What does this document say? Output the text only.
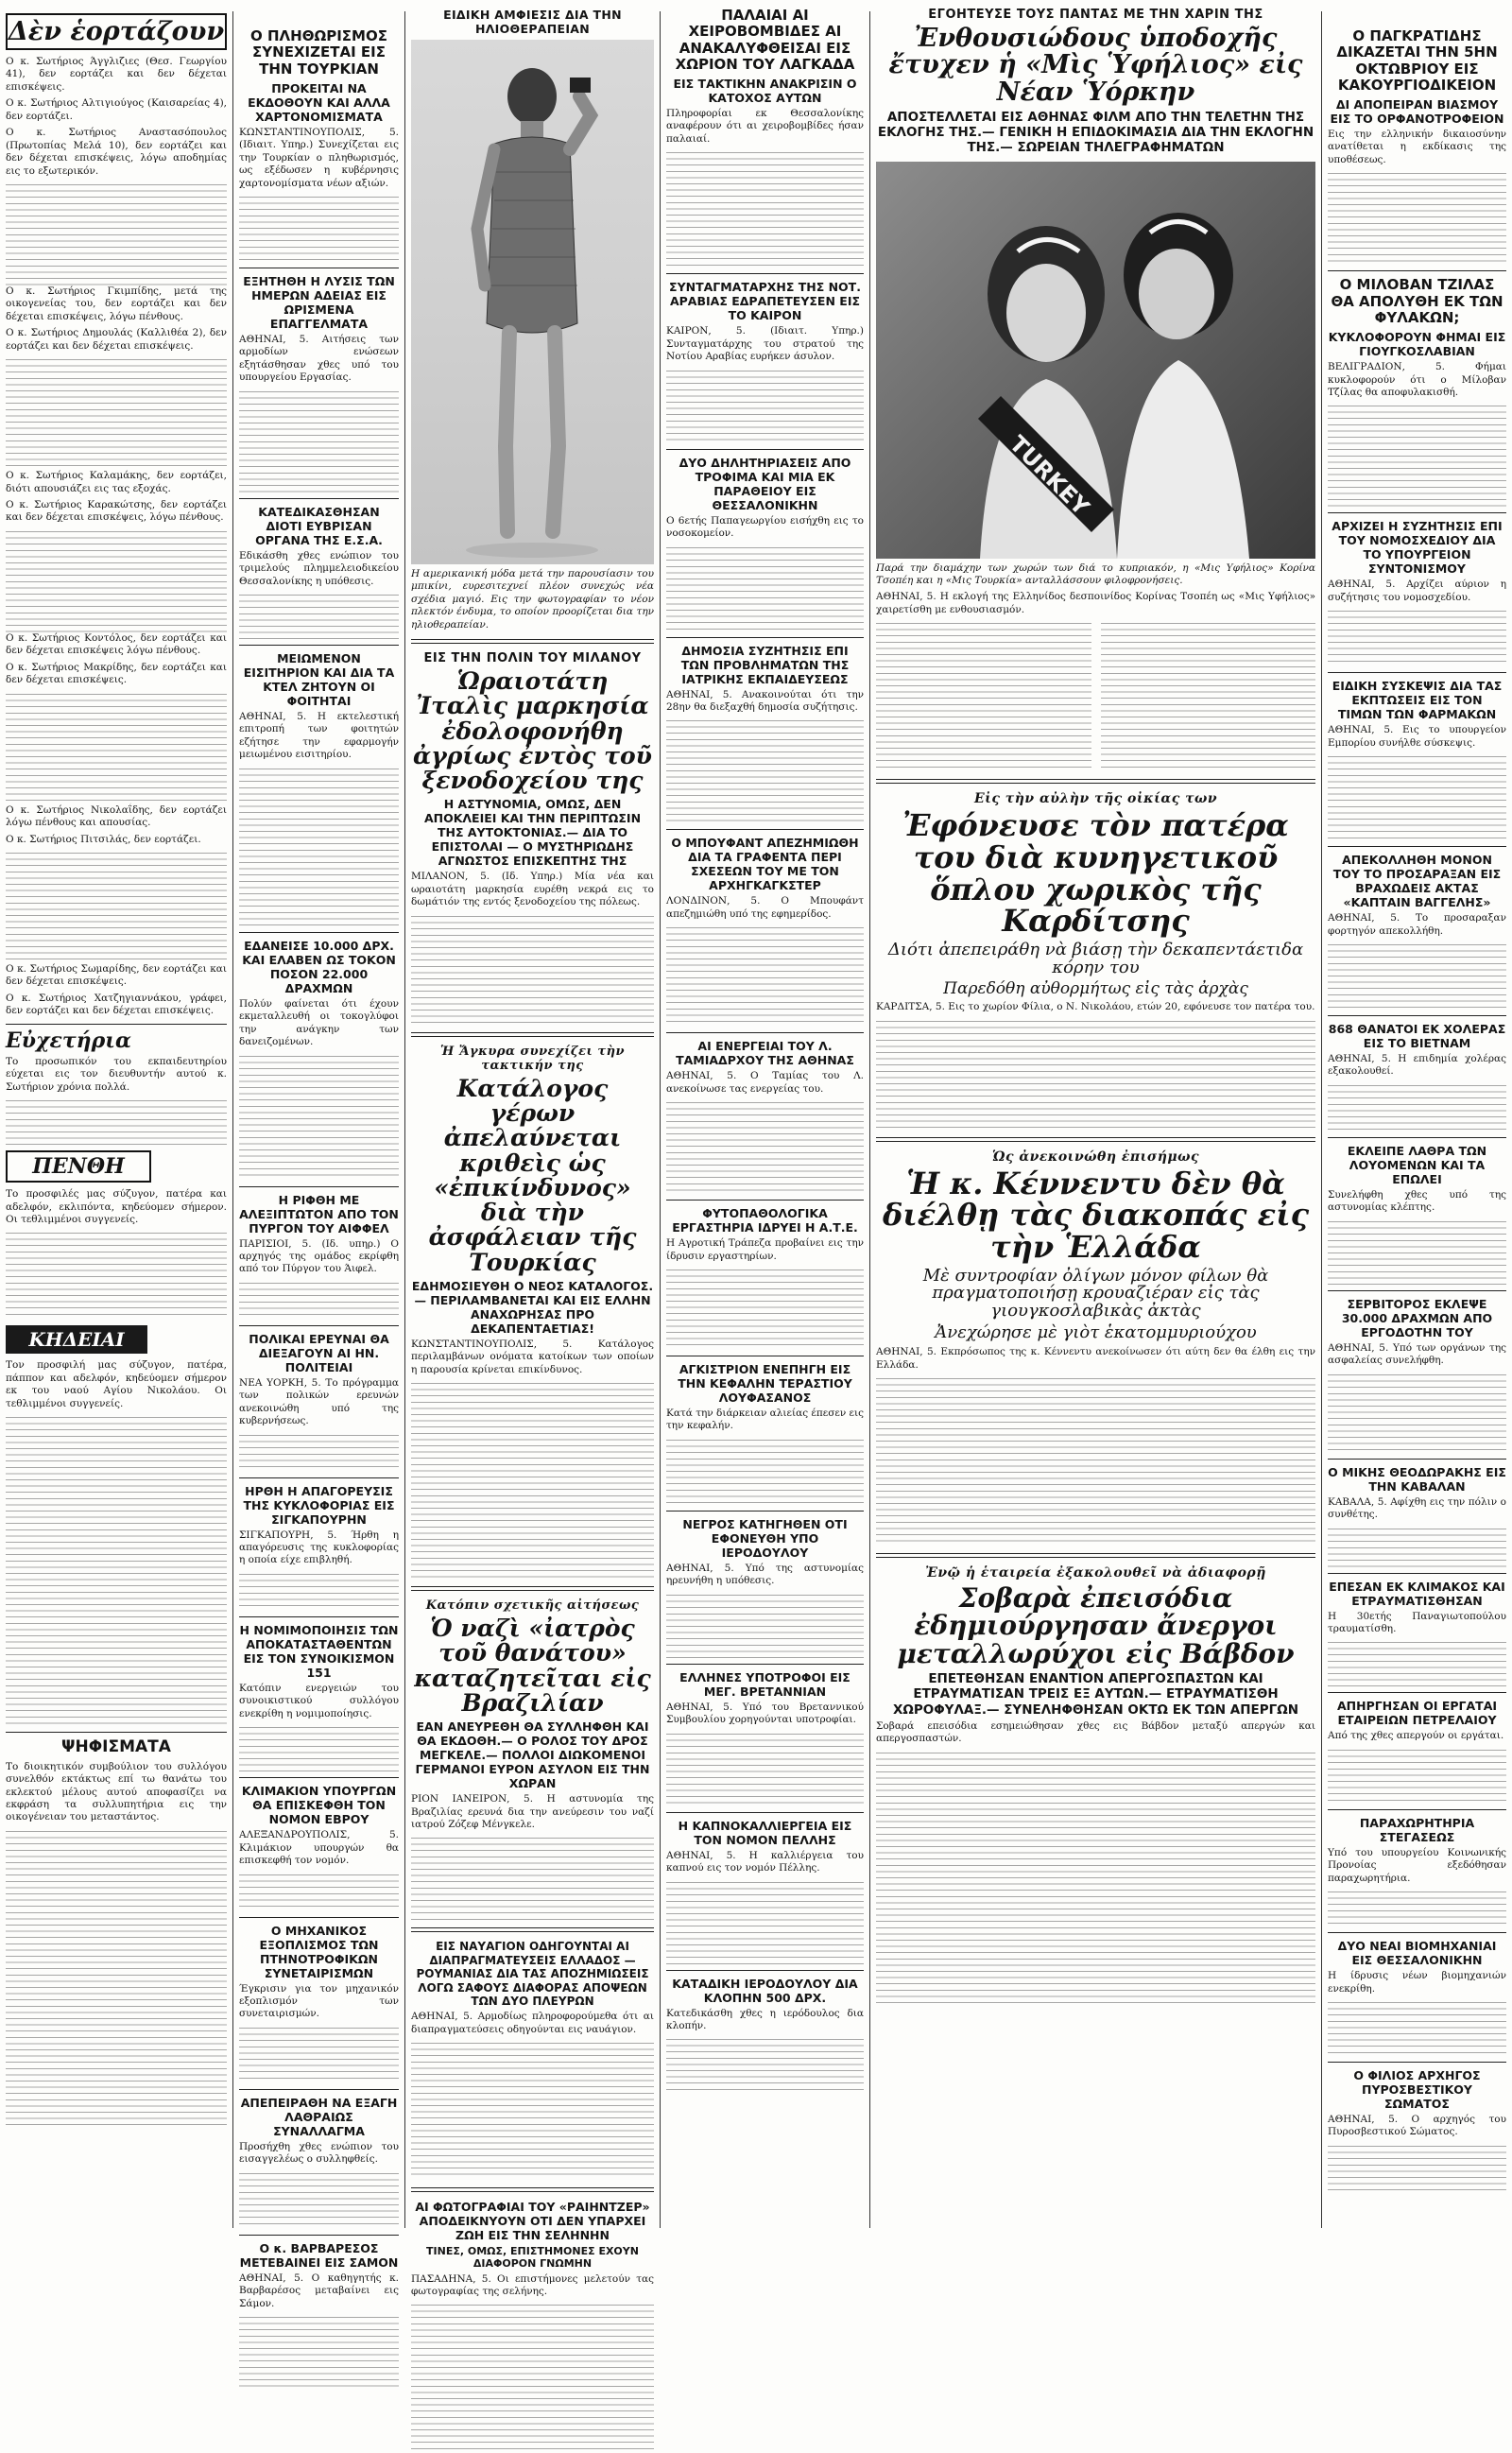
Δὲν ἑορτάζουν

Ο κ. Σωτήριος Άγγλιζιες (Θεσ. Γεωργίου 41), δεν εορτάζει και δεν δέχεται επισκέψεις.

Ο κ. Σωτήριος Αλτιγιούγος (Καισαρείας 4), δεν εορτάζει.

Ο κ. Σωτήριος Αναστασόπουλος (Πρωτοπίας Μελά 10), δεν εορτάζει και δεν δέχεται επισκέψεις, λόγω αποδημίας εις το εξωτερικόν.

Ο κ. Σωτήριος Γκιμπίδης, μετά της οικογενείας του, δεν εορτάζει και δεν δέχεται επισκέψεις, λόγω πένθους.

Ο κ. Σωτήριος Δημουλάς (Καλλιθέα 2), δεν εορτάζει και δεν δέχεται επισκέψεις.

Ο κ. Σωτήριος Καλαμάκης, δεν εορτάζει, διότι απουσιάζει εις τας εξοχάς.

Ο κ. Σωτήριος Καρακώτσης, δεν εορτάζει και δεν δέχεται επισκέψεις, λόγω πένθους.

Ο κ. Σωτήριος Κοντόλος, δεν εορτάζει και δεν δέχεται επισκέψεις λόγω πένθους.

Ο κ. Σωτήριος Μακρίδης, δεν εορτάζει και δεν δέχεται επισκέψεις.

Ο κ. Σωτήριος Νικολαΐδης, δεν εορτάζει λόγω πένθους και απουσίας.

Ο κ. Σωτήριος Πιτσιλάς, δεν εορτάζει.

Ο κ. Σωτήριος Σωμαρίδης, δεν εορτάζει και δεν δέχεται επισκέψεις.

Ο κ. Σωτήριος Χατζηγιαννάκου, γράφει, δεν εορτάζει και δεν δέχεται επισκέψεις.

Εὐχετήρια

Το προσωπικόν του εκπαιδευτηρίου εύχεται εις τον διευθυντήν αυτού κ. Σωτήριον χρόνια πολλά.

ΠΕΝΘΗ

Το προσφιλές μας σύζυγον, πατέρα και αδελφόν, εκλιπόντα, κηδεύομεν σήμερον. Οι τεθλιμμένοι συγγενείς.

ΚΗΔΕΙΑΙ

Τον προσφιλή μας σύζυγον, πατέρα, πάππον και αδελφόν, κηδεύομεν σήμερον εκ του ναού Αγίου Νικολάου. Οι τεθλιμμένοι συγγενείς.

ΨΗΦΙΣΜΑΤΑ

Το διοικητικόν συμβούλιον του συλλόγου συνελθόν εκτάκτως επί τω θανάτω του εκλεκτού μέλους αυτού αποφασίζει να εκφράση τα συλλυπητήρια εις την οικογένειαν του μεταστάντος.

Ο ΠΛΗΘΩΡΙΣΜΟΣ ΣΥΝΕΧΙΖΕΤΑΙ ΕΙΣ ΤΗΝ ΤΟΥΡΚΙΑΝ
ΠΡΟΚΕΙΤΑΙ ΝΑ ΕΚΔΟΘΟΥΝ ΚΑΙ ΑΛΛΑ ΧΑΡΤΟΝΟΜΙΣΜΑΤΑ

ΚΩΝΣΤΑΝΤΙΝΟΥΠΟΛΙΣ, 5. (Ιδιαιτ. Υπηρ.) Συνεχίζεται εις την Τουρκίαν ο πληθωρισμός, ως εξέδωσεν η κυβέρνησις χαρτονομίσματα νέων αξιών.

ΕΞΗΤΗΘΗ Η ΛΥΣΙΣ ΤΩΝ ΗΜΕΡΩΝ ΑΔΕΙΑΣ ΕΙΣ ΩΡΙΣΜΕΝΑ ΕΠΑΓΓΕΛΜΑΤΑ

ΑΘΗΝΑΙ, 5. Αιτήσεις των αρμοδίων ενώσεων εξητάσθησαν χθες υπό του υπουργείου Εργασίας.

ΚΑΤΕΔΙΚΑΣΘΗΣΑΝ ΔΙΟΤΙ ΕΥΒΡΙΣΑΝ ΟΡΓΑΝΑ ΤΗΣ Ε.Σ.Α.

Εδικάσθη χθες ενώπιον του τριμελούς πλημμελειοδικείου Θεσσαλονίκης η υπόθεσις.

ΜΕΙΩΜΕΝΟΝ ΕΙΣΙΤΗΡΙΟΝ ΚΑΙ ΔΙΑ ΤΑ ΚΤΕΛ ΖΗΤΟΥΝ ΟΙ ΦΟΙΤΗΤΑΙ

ΑΘΗΝΑΙ, 5. Η εκτελεστική επιτροπή των φοιτητών εζήτησε την εφαρμογήν μειωμένου εισιτηρίου.

ΕΔΑΝΕΙΣΕ 10.000 ΔΡΧ. ΚΑΙ ΕΛΑΒΕΝ ΩΣ ΤΟΚΟΝ ΠΟΣΟΝ 22.000 ΔΡΑΧΜΩΝ

Πολύν φαίνεται ότι έχουν εκμεταλλευθή οι τοκογλύφοι την ανάγκην των δανειζομένων.

Η ΡΙΦΘΗ ΜΕ ΑΛΕΞΙΠΤΩΤΟΝ ΑΠΟ ΤΟΝ ΠΥΡΓΟΝ ΤΟΥ ΑΙΦΦΕΛ

ΠΑΡΙΣΙΟΙ, 5. (Ιδ. υπηρ.) Ο αρχηγός της ομάδος εκρίφθη από τον Πύργον του Άιφελ.

ΠΟΛΙΚΑΙ ΕΡΕΥΝΑΙ ΘΑ ΔΙΕΞΑΓΟΥΝ ΑΙ ΗΝ. ΠΟΛΙΤΕΙΑΙ

ΝΕΑ ΥΟΡΚΗ, 5. Το πρόγραμμα των πολικών ερευνών ανεκοινώθη υπό της κυβερνήσεως.

ΗΡΘΗ Η ΑΠΑΓΟΡΕΥΣΙΣ ΤΗΣ ΚΥΚΛΟΦΟΡΙΑΣ ΕΙΣ ΣΙΓΚΑΠΟΥΡΗΝ

ΣΙΓΚΑΠΟΥΡΗ, 5. Ήρθη η απαγόρευσις της κυκλοφορίας η οποία είχε επιβληθή.

Η ΝΟΜΙΜΟΠΟΙΗΣΙΣ ΤΩΝ ΑΠΟΚΑΤΑΣΤΑΘΕΝΤΩΝ ΕΙΣ ΤΟΝ ΣΥΝΟΙΚΙΣΜΟΝ 151

Κατόπιν ενεργειών του συνοικιστικού συλλόγου ενεκρίθη η νομιμοποίησις.

ΚΛΙΜΑΚΙΟΝ ΥΠΟΥΡΓΩΝ ΘΑ ΕΠΙΣΚΕΦΘΗ ΤΟΝ ΝΟΜΟΝ ΕΒΡΟΥ

ΑΛΕΞΑΝΔΡΟΥΠΟΛΙΣ, 5. Κλιμάκιον υπουργών θα επισκεφθή τον νομόν.

Ο ΜΗΧΑΝΙΚΟΣ ΕΞΟΠΛΙΣΜΟΣ ΤΩΝ ΠΤΗΝΟΤΡΟΦΙΚΩΝ ΣΥΝΕΤΑΙΡΙΣΜΩΝ

Έγκρισιν για τον μηχανικόν εξοπλισμόν των συνεταιρισμών.

ΑΠΕΠΕΙΡΑΘΗ ΝΑ ΕΞΑΓΗ ΛΑΘΡΑΙΩΣ ΣΥΝΑΛΛΑΓΜΑ

Προσήχθη χθες ενώπιον του εισαγγελέως ο συλληφθείς.

Ο κ. ΒΑΡΒΑΡΕΣΟΣ ΜΕΤΕΒΑΙΝΕΙ ΕΙΣ ΣΑΜΟΝ

ΑΘΗΝΑΙ, 5. Ο καθηγητής κ. Βαρβαρέσος μεταβαίνει εις Σάμον.

ΕΙΔΙΚΗ ΑΜΦΙΕΣΙΣ ΔΙΑ ΤΗΝ ΗΛΙΟΘΕΡΑΠΕΙΑΝ

Η αμερικανική μόδα μετά την παρουσίασιν του μπικίνι, ευρεσιτεχνεί πλέον συνεχώς νέα σχέδια μαγιό. Εις την φωτογραφίαν το νέον πλεκτόν ένδυμα, το οποίον προορίζεται δια την ηλιοθεραπείαν.

ΕΙΣ ΤΗΝ ΠΟΛΙΝ ΤΟΥ ΜΙΛΑΝΟΥ
Ὡραιοτάτη Ἰταλὶς μαρκησία ἐδολοφονήθη ἀγρίως ἐντὸς τοῦ ξενοδοχείου της
Η ΑΣΤΥΝΟΜΙΑ, ΟΜΩΣ, ΔΕΝ ΑΠΟΚΛΕΙΕΙ ΚΑΙ ΤΗΝ ΠΕΡΙΠΤΩΣΙΝ ΤΗΣ ΑΥΤΟΚΤΟΝΙΑΣ.— ΔΙΑ ΤΟ ΕΠΙΣΤΟΛΑΙ — Ο ΜΥΣΤΗΡΙΩΔΗΣ ΑΓΝΩΣΤΟΣ ΕΠΙΣΚΕΠΤΗΣ ΤΗΣ

ΜΙΛΑΝΟΝ, 5. (Ιδ. Υπηρ.) Μία νέα και ωραιοτάτη μαρκησία ευρέθη νεκρά εις το δωμάτιόν της εντός ξενοδοχείου της πόλεως.

Ἡ Ἄγκυρα συνεχίζει τὴν τακτικήν της
Κατάλογος γέρων ἀπελαύνεται κριθεὶς ὡς «ἐπικίνδυνος» διὰ τὴν ἀσφάλειαν τῆς Τουρκίας
ΕΔΗΜΟΣΙΕΥΘΗ Ο ΝΕΟΣ ΚΑΤΑΛΟΓΟΣ.— ΠΕΡΙΛΑΜΒΑΝΕΤΑΙ ΚΑΙ ΕΙΣ ΕΛΛΗΝ ΑΝΑΧΩΡΗΣΑΣ ΠΡΟ ΔΕΚΑΠΕΝΤΑΕΤΙΑΣ!

ΚΩΝΣΤΑΝΤΙΝΟΥΠΟΛΙΣ, 5. Κατάλογος περιλαμβάνων ονόματα κατοίκων των οποίων η παρουσία κρίνεται επικίνδυνος.

Κατόπιν σχετικῆς αἰτήσεως
Ὁ ναζὶ «ἰατρὸς τοῦ θανάτου» καταζητεῖται εἰς Βραζιλίαν
ΕΑΝ ΑΝΕΥΡΕΘΗ ΘΑ ΣΥΛΛΗΦΘΗ ΚΑΙ ΘΑ ΕΚΔΟΘΗ.— Ο ΡΟΛΟΣ ΤΟΥ ΔΡΟΣ ΜΕΓΚΕΛΕ.— ΠΟΛΛΟΙ ΔΙΩΚΟΜΕΝΟΙ ΓΕΡΜΑΝΟΙ ΕΥΡΟΝ ΑΣΥΛΟΝ ΕΙΣ ΤΗΝ ΧΩΡΑΝ

ΡΙΟΝ ΙΑΝΕΙΡΟΝ, 5. Η αστυνομία της Βραζιλίας ερευνά δια την ανεύρεσιν του ναζί ιατρού Ζόζεφ Μένγκελε.

ΕΙΣ ΝΑΥΑΓΙΟΝ ΟΔΗΓΟΥΝΤΑΙ ΑΙ ΔΙΑΠΡΑΓΜΑΤΕΥΣΕΙΣ ΕΛΛΑΔΟΣ — ΡΟΥΜΑΝΙΑΣ ΔΙΑ ΤΑΣ ΑΠΟΖΗΜΙΩΣΕΙΣ ΛΟΓΩ ΣΑΦΟΥΣ ΔΙΑΦΟΡΑΣ ΑΠΟΨΕΩΝ ΤΩΝ ΔΥΟ ΠΛΕΥΡΩΝ

ΑΘΗΝΑΙ, 5. Αρμοδίως πληροφορούμεθα ότι αι διαπραγματεύσεις οδηγούνται εις ναυάγιον.

ΑΙ ΦΩΤΟΓΡΑΦΙΑΙ ΤΟΥ «ΡΑΙΗΝΤΖΕΡ» ΑΠΟΔΕΙΚΝΥΟΥΝ ΟΤΙ ΔΕΝ ΥΠΑΡΧΕΙ ΖΩΗ ΕΙΣ ΤΗΝ ΣΕΛΗΝΗΝ
ΤΙΝΕΣ, ΟΜΩΣ, ΕΠΙΣΤΗΜΟΝΕΣ ΕΧΟΥΝ ΔΙΑΦΟΡΟΝ ΓΝΩΜΗΝ

ΠΑΣΑΔΗΝΑ, 5. Οι επιστήμονες μελετούν τας φωτογραφίας της σελήνης.

ΠΑΛΑΙΑΙ ΑΙ ΧΕΙΡΟΒΟΜΒΙΔΕΣ ΑΙ ΑΝΑΚΑΛΥΦΘΕΙΣΑΙ ΕΙΣ ΧΩΡΙΟΝ ΤΟΥ ΛΑΓΚΑΔΑ
ΕΙΣ ΤΑΚΤΙΚΗΝ ΑΝΑΚΡΙΣΙΝ Ο ΚΑΤΟΧΟΣ ΑΥΤΩΝ

Πληροφορίαι εκ Θεσσαλονίκης αναφέρουν ότι αι χειροβομβίδες ήσαν παλαιαί.

ΣΥΝΤΑΓΜΑΤΑΡΧΗΣ ΤΗΣ ΝΟΤ. ΑΡΑΒΙΑΣ ΕΔΡΑΠΕΤΕΥΣΕΝ ΕΙΣ ΤΟ ΚΑΙΡΟΝ

ΚΑΙΡΟΝ, 5. (Ιδιαιτ. Υπηρ.) Συνταγματάρχης του στρατού της Νοτίου Αραβίας ευρήκεν άσυλον.

ΔΥΟ ΔΗΛΗΤΗΡΙΑΣΕΙΣ ΑΠΟ ΤΡΟΦΙΜΑ ΚΑΙ ΜΙΑ ΕΚ ΠΑΡΑΘΕΙΟΥ ΕΙΣ ΘΕΣΣΑΛΟΝΙΚΗΝ

Ο 6ετής Παπαγεωργίου εισήχθη εις το νοσοκομείον.

ΔΗΜΟΣΙΑ ΣΥΖΗΤΗΣΙΣ ΕΠΙ ΤΩΝ ΠΡΟΒΛΗΜΑΤΩΝ ΤΗΣ ΙΑΤΡΙΚΗΣ ΕΚΠΑΙΔΕΥΣΕΩΣ

ΑΘΗΝΑΙ, 5. Ανακοινούται ότι την 28ην θα διεξαχθή δημοσία συζήτησις.

Ο ΜΠΟΥΦΑΝΤ ΑΠΕΖΗΜΙΩΘΗ ΔΙΑ ΤΑ ΓΡΑΦΕΝΤΑ ΠΕΡΙ ΣΧΕΣΕΩΝ ΤΟΥ ΜΕ ΤΟΝ ΑΡΧΗΓΚΑΓΚΣΤΕΡ

ΛΟΝΔΙΝΟΝ, 5. Ο Μπουφάντ απεζημιώθη υπό της εφημερίδος.

ΑΙ ΕΝΕΡΓΕΙΑΙ ΤΟΥ Λ. ΤΑΜΙΑΔΡΧΟΥ ΤΗΣ ΑΘΗΝΑΣ

ΑΘΗΝΑΙ, 5. Ο Ταμίας του Λ. ανεκοίνωσε τας ενεργείας του.

ΦΥΤΟΠΑΘΟΛΟΓΙΚΑ ΕΡΓΑΣΤΗΡΙΑ ΙΔΡΥΕΙ Η Α.Τ.Ε.

Η Αγροτική Τράπεζα προβαίνει εις την ίδρυσιν εργαστηρίων.

ΑΓΚΙΣΤΡΙΟΝ ΕΝΕΠΗΓΗ ΕΙΣ ΤΗΝ ΚΕΦΑΛΗΝ ΤΕΡΑΣΤΙΟΥ ΛΟΥΦΑΣΑΝΟΣ

Κατά την διάρκειαν αλιείας έπεσεν εις την κεφαλήν.

ΝΕΓΡΟΣ ΚΑΤΗΓΗΘΕΝ ΟΤΙ ΕΦΟΝΕΥΘΗ ΥΠΟ ΙΕΡΟΔΟΥΛΟΥ

ΑΘΗΝΑΙ, 5. Υπό της αστυνομίας ηρευνήθη η υπόθεσις.

ΕΛΛΗΝΕΣ ΥΠΟΤΡΟΦΟΙ ΕΙΣ ΜΕΓ. ΒΡΕΤΑΝΝΙΑΝ

ΑΘΗΝΑΙ, 5. Υπό του Βρεταννικού Συμβουλίου χορηγούνται υποτροφίαι.

Η ΚΑΠΝΟΚΑΛΛΙΕΡΓΕΙΑ ΕΙΣ ΤΟΝ ΝΟΜΟΝ ΠΕΛΛΗΣ

ΑΘΗΝΑΙ, 5. Η καλλιέργεια του καπνού εις τον νομόν Πέλλης.

ΚΑΤΑΔΙΚΗ ΙΕΡΟΔΟΥΛΟΥ ΔΙΑ ΚΛΟΠΗΝ 500 ΔΡΧ.

Κατεδικάσθη χθες η ιερόδουλος δια κλοπήν.

ΕΓΟΗΤΕΥΣΕ ΤΟΥΣ ΠΑΝΤΑΣ ΜΕ ΤΗΝ ΧΑΡΙΝ ΤΗΣ
Ἐνθουσιώδους ὑποδοχῆς ἔτυχεν ἡ «Μὶς Ὑφήλιος» εἰς Νέαν Ὑόρκην
ΑΠΟΣΤΕΛΛΕΤΑΙ ΕΙΣ ΑΘΗΝΑΣ ΦΙΛΜ ΑΠΟ ΤΗΝ ΤΕΛΕΤΗΝ ΤΗΣ ΕΚΛΟΓΗΣ ΤΗΣ.— ΓΕΝΙΚΗ Η ΕΠΙΔΟΚΙΜΑΣΙΑ ΔΙΑ ΤΗΝ ΕΚΛΟΓΗΝ ΤΗΣ.— ΣΩΡΕΙΑΝ ΤΗΛΕΓΡΑΦΗΜΑΤΩΝ
TURKEY

Παρά την διαμάχην των χωρών των διά το κυπριακόν, η «Μις Υφήλιος» Κορίνα Τσοπέη και η «Μις Τουρκία» ανταλλάσσουν φιλοφρονήσεις.

ΑΘΗΝΑΙ, 5. Η εκλογή της Ελληνίδος δεσποινίδος Κορίνας Τσοπέη ως «Μις Υφήλιος» χαιρετίσθη με ενθουσιασμόν.

Εἰς τὴν αὐλὴν τῆς οἰκίας των
Ἐφόνευσε τὸν πατέρα του διὰ κυνηγετικοῦ ὅπλου χωρικὸς τῆς Καρδίτσης
Διότι ἀπεπειράθη νὰ βιάσῃ τὴν δεκαπεντάετιδα κόρην του
Παρεδόθη αὐθορμήτως εἰς τὰς ἀρχὰς

ΚΑΡΔΙΤΣΑ, 5. Εις το χωρίον Φίλια, ο Ν. Νικολάου, ετών 20, εφόνευσε τον πατέρα του.

Ὡς ἀνεκοινώθη ἐπισήμως
Ἡ κ. Κέννεντυ δὲν θὰ διέλθῃ τὰς διακοπάς εἰς τὴν Ἑλλάδα
Μὲ συντροφίαν ὀλίγων μόνον φίλων θὰ πραγματοποιήσῃ κρουαζιέραν εἰς τὰς γιουγκοσλαβικὰς ἀκτὰς
Ἀνεχώρησε μὲ γιὸτ ἑκατομμυριούχου

ΑΘΗΝΑΙ, 5. Εκπρόσωπος της κ. Κέννεντυ ανεκοίνωσεν ότι αύτη δεν θα έλθη εις την Ελλάδα.

Ἐνῷ ἡ ἑταιρεία ἐξακολουθεῖ νὰ ἀδιαφορῇ
Σοβαρὰ ἐπεισόδια ἐδημιούργησαν ἄνεργοι μεταλλωρύχοι εἰς Βάβδον
ΕΠΕΤΕΘΗΣΑΝ ΕΝΑΝΤΙΟΝ ΑΠΕΡΓΟΣΠΑΣΤΩΝ ΚΑΙ ΕΤΡΑΥΜΑΤΙΣΑΝ ΤΡΕΙΣ ΕΞ ΑΥΤΩΝ.— ΕΤΡΑΥΜΑΤΙΣΘΗ ΧΩΡΟΦΥΛΑΞ.— ΣΥΝΕΛΗΦΘΗΣΑΝ ΟΚΤΩ ΕΚ ΤΩΝ ΑΠΕΡΓΩΝ

Σοβαρά επεισόδια εσημειώθησαν χθες εις Βάβδον μεταξύ απεργών και απεργοσπαστών.

Ο ΠΑΓΚΡΑΤΙΔΗΣ ΔΙΚΑΖΕΤΑΙ ΤΗΝ 5ΗΝ ΟΚΤΩΒΡΙΟΥ ΕΙΣ ΚΑΚΟΥΡΓΙΟΔΙΚΕΙΟΝ
ΔΙ ΑΠΟΠΕΙΡΑΝ ΒΙΑΣΜΟΥ ΕΙΣ ΤΟ ΟΡΦΑΝΟΤΡΟΦΕΙΟΝ

Εις την ελληνικήν δικαιοσύνην ανατίθεται η εκδίκασις της υποθέσεως.

Ο ΜΙΛΟΒΑΝ ΤΖΙΛΑΣ ΘΑ ΑΠΟΛΥΘΗ ΕΚ ΤΩΝ ΦΥΛΑΚΩΝ;
ΚΥΚΛΟΦΟΡΟΥΝ ΦΗΜΑΙ ΕΙΣ ΓΙΟΥΓΚΟΣΛΑΒΙΑΝ

ΒΕΛΙΓΡΑΔΙΟΝ, 5. Φήμαι κυκλοφορούν ότι ο Μίλοβαν Τζίλας θα αποφυλακισθή.

ΑΡΧΙΖΕΙ Η ΣΥΖΗΤΗΣΙΣ ΕΠΙ ΤΟΥ ΝΟΜΟΣΧΕΔΙΟΥ ΔΙΑ ΤΟ ΥΠΟΥΡΓΕΙΟΝ ΣΥΝΤΟΝΙΣΜΟΥ

ΑΘΗΝΑΙ, 5. Αρχίζει αύριον η συζήτησις του νομοσχεδίου.

ΕΙΔΙΚΗ ΣΥΣΚΕΨΙΣ ΔΙΑ ΤΑΣ ΕΚΠΤΩΣΕΙΣ ΕΙΣ ΤΟΝ ΤΙΜΩΝ ΤΩΝ ΦΑΡΜΑΚΩΝ

ΑΘΗΝΑΙ, 5. Εις το υπουργείον Εμπορίου συνήλθε σύσκεψις.

ΑΠΕΚΟΛΛΗΘΗ ΜΟΝΟΝ ΤΟΥ ΤΟ ΠΡΟΣΑΡΑΞΑΝ ΕΙΣ ΒΡΑΧΩΔΕΙΣ ΑΚΤΑΣ «ΚΑΠΤΑΙΝ ΒΑΓΓΕΛΗΣ»

ΑΘΗΝΑΙ, 5. Το προσαραξαν φορτηγόν απεκολλήθη.

868 ΘΑΝΑΤΟΙ ΕΚ ΧΟΛΕΡΑΣ ΕΙΣ ΤΟ ΒΙΕΤΝΑΜ

ΑΘΗΝΑΙ, 5. Η επιδημία χολέρας εξακολουθεί.

ΕΚΛΕΙΠΕ ΛΑΘΡΑ ΤΩΝ ΛΟΥΟΜΕΝΩΝ ΚΑΙ ΤΑ ΕΠΩΛΕΙ

Συνελήφθη χθες υπό της αστυνομίας κλέπτης.

ΣΕΡΒΙΤΟΡΟΣ ΕΚΛΕΨΕ 30.000 ΔΡΑΧΜΩΝ ΑΠΟ ΕΡΓΟΔΟΤΗΝ ΤΟΥ

ΑΘΗΝΑΙ, 5. Υπό των οργάνων της ασφαλείας συνελήφθη.

Ο ΜΙΚΗΣ ΘΕΟΔΩΡΑΚΗΣ ΕΙΣ ΤΗΝ ΚΑΒΑΛΑΝ

ΚΑΒΑΛΑ, 5. Αφίχθη εις την πόλιν ο συνθέτης.

ΕΠΕΣΑΝ ΕΚ ΚΛΙΜΑΚΟΣ ΚΑΙ ΕΤΡΑΥΜΑΤΙΣΘΗΣΑΝ

Η 30ετής Παναγιωτοπούλου τραυματίσθη.

ΑΠΗΡΓΗΣΑΝ ΟΙ ΕΡΓΑΤΑΙ ΕΤΑΙΡΕΙΩΝ ΠΕΤΡΕΛΑΙΟΥ

Από της χθες απεργούν οι εργάται.

ΠΑΡΑΧΩΡΗΤΗΡΙΑ ΣΤΕΓΑΣΕΩΣ

Υπό του υπουργείου Κοινωνικής Προνοίας εξεδόθησαν παραχωρητήρια.

ΔΥΟ ΝΕΑΙ ΒΙΟΜΗΧΑΝΙΑΙ ΕΙΣ ΘΕΣΣΑΛΟΝΙΚΗΝ

Η ίδρυσις νέων βιομηχανιών ενεκρίθη.

Ο ΦΙΛΙΟΣ ΑΡΧΗΓΟΣ ΠΥΡΟΣΒΕΣΤΙΚΟΥ ΣΩΜΑΤΟΣ

ΑΘΗΝΑΙ, 5. Ο αρχηγός του Πυροσβεστικού Σώματος.
